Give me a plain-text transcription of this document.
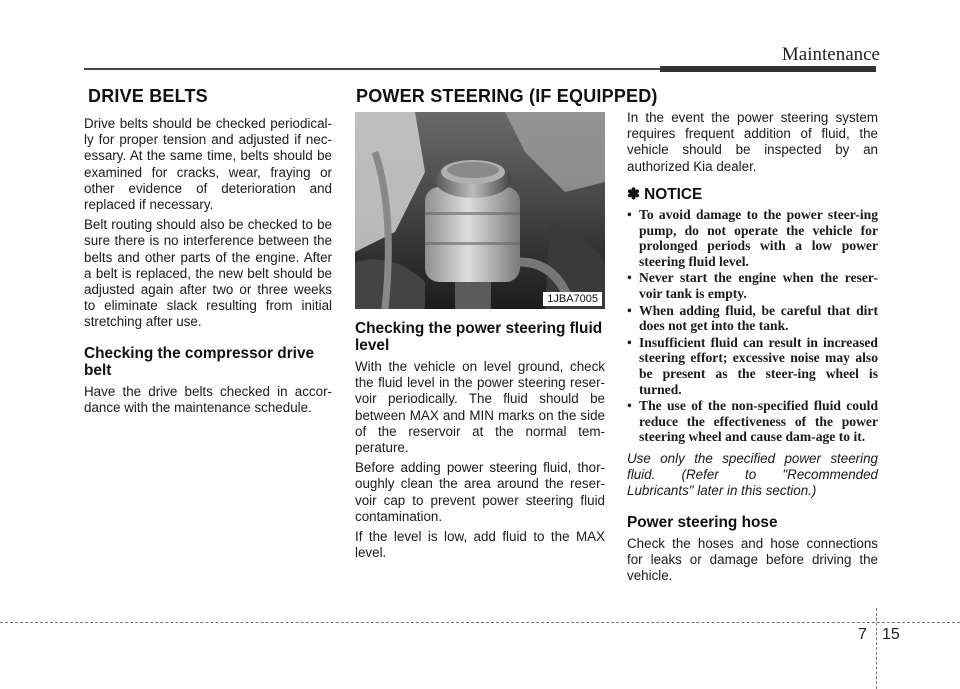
Maintenance
DRIVE BELTS	POWER STEERING (IF EQUIPPED)

Drive belts should be checked periodical-ly for proper tension and adjusted if nec-essary. At the same time, belts should be examined for cracks, wear, fraying or other evidence of deterioration and replaced if necessary.

Belt routing should also be checked to be sure there is no interference between the belts and other parts of the engine. After a belt is replaced, the new belt should be adjusted again after two or three weeks to eliminate slack resulting from initial stretching after use.

Checking the compressor drive belt

Have the drive belts checked in accor-dance with the maintenance schedule.

1JBA7005
Checking the power steering fluid level

With the vehicle on level ground, check the fluid level in the power steering reser-voir periodically. The fluid should be between MAX and MIN marks on the side of the reservoir at the normal tem-perature.

Before adding power steering fluid, thor-oughly clean the area around the reser-voir cap to prevent power steering fluid contamination.

If the level is low, add fluid to the MAX level.

In the event the power steering system requires frequent addition of fluid, the vehicle should be inspected by an authorized Kia dealer.

✽ NOTICE
• To avoid damage to the power steer-ing pump, do not operate the vehicle for prolonged periods with a low power steering fluid level.
• Never start the engine when the reser-voir tank is empty.
• When adding fluid, be careful that dirt does not get into the tank.
• Insufficient fluid can result in increased steering effort; excessive noise may also be present as the steer-ing wheel is turned.
• The use of the non-specified fluid could reduce the effectiveness of the power steering wheel and cause dam-age to it.

Use only the specified power steering fluid. (Refer to "Recommended Lubricants" later in this section.)

Power steering hose

Check the hoses and hose connections for leaks or damage before driving the vehicle.

7 15
